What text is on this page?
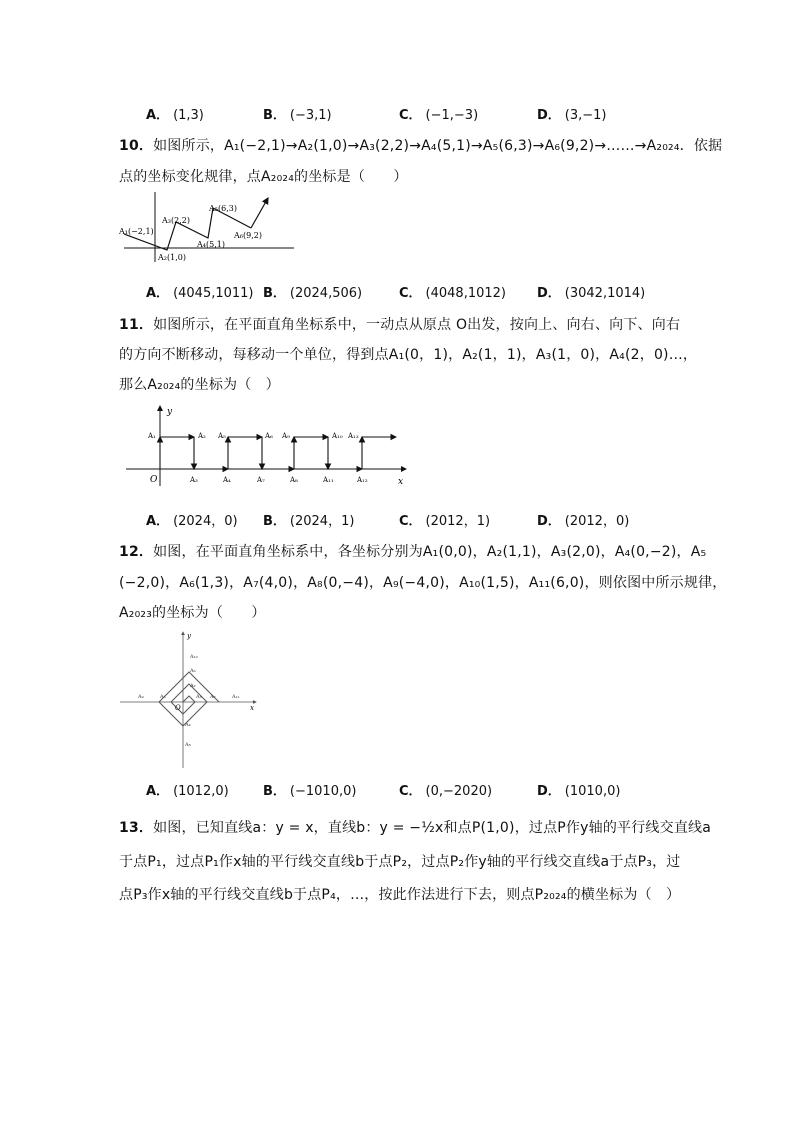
A． (1,3)	B． (−3,1)	C． (−1,−3)	D． (3,−1)
10．如图所示，A₁(−2,1)→A₂(1,0)→A₃(2,2)→A₄(5,1)→A₅(6,3)→A₆(9,2)→……→A₂₀₂₄．依据
点的坐标变化规律，点A₂₀₂₄的坐标是（　　）
A₁(−2,1)
A₂(1,0)
A₃(2,2)
A₄(5,1)
A₅(6,3)
A₆(9,2)
A． (4045,1011) B． (2024,506)	C． (4048,1012) D． (3042,1014)
11．如图所示，在平面直角坐标系中，一动点从原点 O出发，按向上、向右、向下、向右
的方向不断移动，每移动一个单位，得到点A₁(0，1)，A₂(1，1)，A₃(1，0)，A₄(2，0)…，
那么A₂₀₂₄的坐标为（　）
y
x
O
A₁	A₂ A₅	A₆ A₉	A₁₀ A₁₃
A₃	A₄	A₇	A₈	A₁₁	A₁₂
A． (2024，0) B． (2024，1)	C． (2012，1)	D． (2012，0)
12．如图，在平面直角坐标系中，各坐标分别为A₁(0,0)，A₂(1,1)，A₃(2,0)，A₄(0,−2)，A₅
(−2,0)，A₆(1,3)，A₇(4,0)，A₈(0,−4)，A₉(−4,0)，A₁₀(1,5)，A₁₁(6,0)，则依图中所示规律，
A₂₀₂₃的坐标为（　　）
y
x
O
A₁₀
A₆
A₂
A₉	A₅	A₃ A₇	A₁₁
A₄
A₈
A． (1012,0)	B． (−1010,0)	C． (0,−2020)	D． (1010,0)
13．如图，已知直线a：y = x，直线b：y = −½x和点P(1,0)，过点P作y轴的平行线交直线a
于点P₁，过点P₁作x轴的平行线交直线b于点P₂，过点P₂作y轴的平行线交直线a于点P₃，过
点P₃作x轴的平行线交直线b于点P₄，…，按此作法进行下去，则点P₂₀₂₄的横坐标为（　）
